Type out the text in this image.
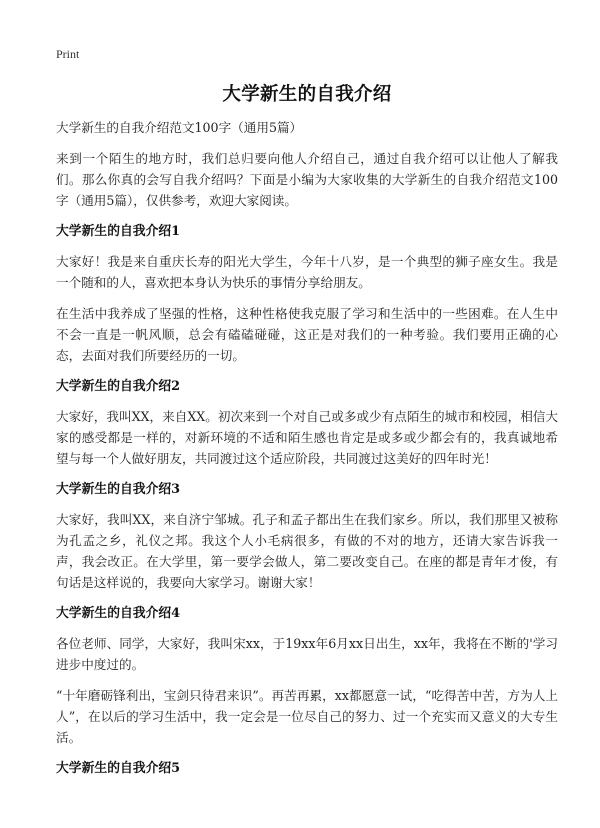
Print
大学新生的自我介绍
大学新生的自我介绍范文100字（通用5篇）

来到一个陌生的地方时，我们总归要向他人介绍自己，通过自我介绍可以让他人了解我们。那么你真的会写自我介绍吗？下面是小编为大家收集的大学新生的自我介绍范文100字（通用5篇），仅供参考，欢迎大家阅读。

大学新生的自我介绍1

大家好！我是来自重庆长寿的阳光大学生，今年十八岁，是一个典型的狮子座女生。我是一个随和的人，喜欢把本身认为快乐的事情分享给朋友。

在生活中我养成了坚强的性格，这种性格使我克服了学习和生活中的一些困难。在人生中不会一直是一帆风顺，总会有磕磕碰碰，这正是对我们的一种考验。我们要用正确的心态，去面对我们所要经历的一切。

大学新生的自我介绍2

大家好，我叫XX，来自XX。初次来到一个对自己或多或少有点陌生的城市和校园，相信大家的感受都是一样的，对新环境的不适和陌生感也肯定是或多或少都会有的，我真诚地希望与每一个人做好朋友，共同渡过这个适应阶段，共同渡过这美好的四年时光！

大学新生的自我介绍3

大家好，我叫XX，来自济宁邹城。孔子和孟子都出生在我们家乡。所以，我们那里又被称为孔孟之乡，礼仪之邦。我这个人小毛病很多，有做的不对的地方，还请大家告诉我一声，我会改正。在大学里，第一要学会做人，第二要改变自己。在座的都是青年才俊，有句话是这样说的，我要向大家学习。谢谢大家！

大学新生的自我介绍4

各位老师、同学，大家好，我叫宋xx，于19xx年6月xx日出生，xx年，我将在不断的'学习进步中度过的。

“十年磨砺锋利出，宝剑只待君来识”。再苦再累，xx都愿意一试，“吃得苦中苦，方为人上人”，在以后的学习生活中，我一定会是一位尽自己的努力、过一个充实而又意义的大专生活。

大学新生的自我介绍5
